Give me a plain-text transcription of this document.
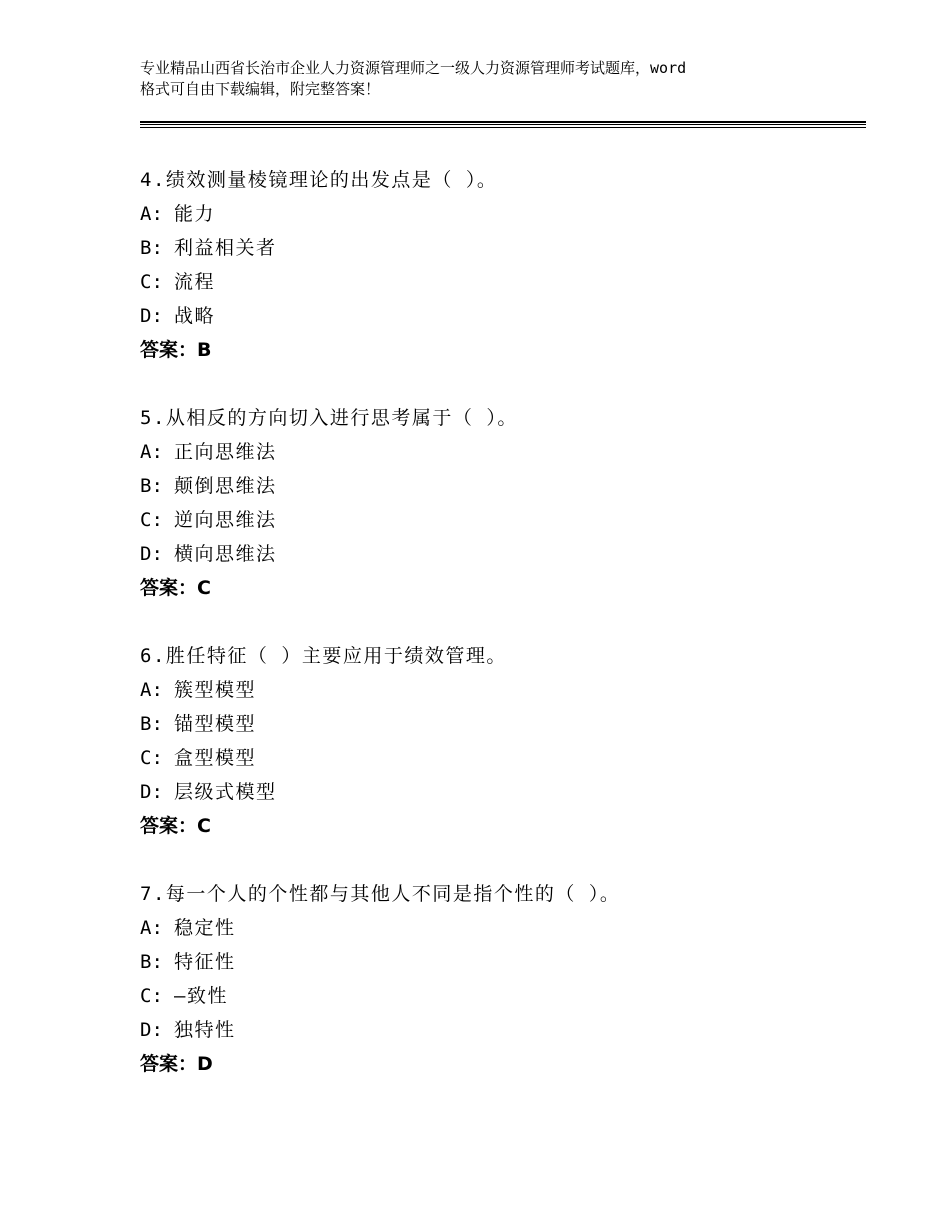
专业精品山西省长治市企业人力资源管理师之一级人力资源管理师考试题库，word
格式可自由下载编辑，附完整答案！
4.绩效测量棱镜理论的出发点是（ ）。
A: 能力
B: 利益相关者
C: 流程
D: 战略
答案：B
5.从相反的方向切入进行思考属于（ ）。
A: 正向思维法
B: 颠倒思维法
C: 逆向思维法
D: 横向思维法
答案：C
6.胜任特征（ ）主要应用于绩效管理。
A: 簇型模型
B: 锚型模型
C: 盒型模型
D: 层级式模型
答案：C
7.每一个人的个性都与其他人不同是指个性的（ ）。
A: 稳定性
B: 特征性
C: —致性
D: 独特性
答案：D
